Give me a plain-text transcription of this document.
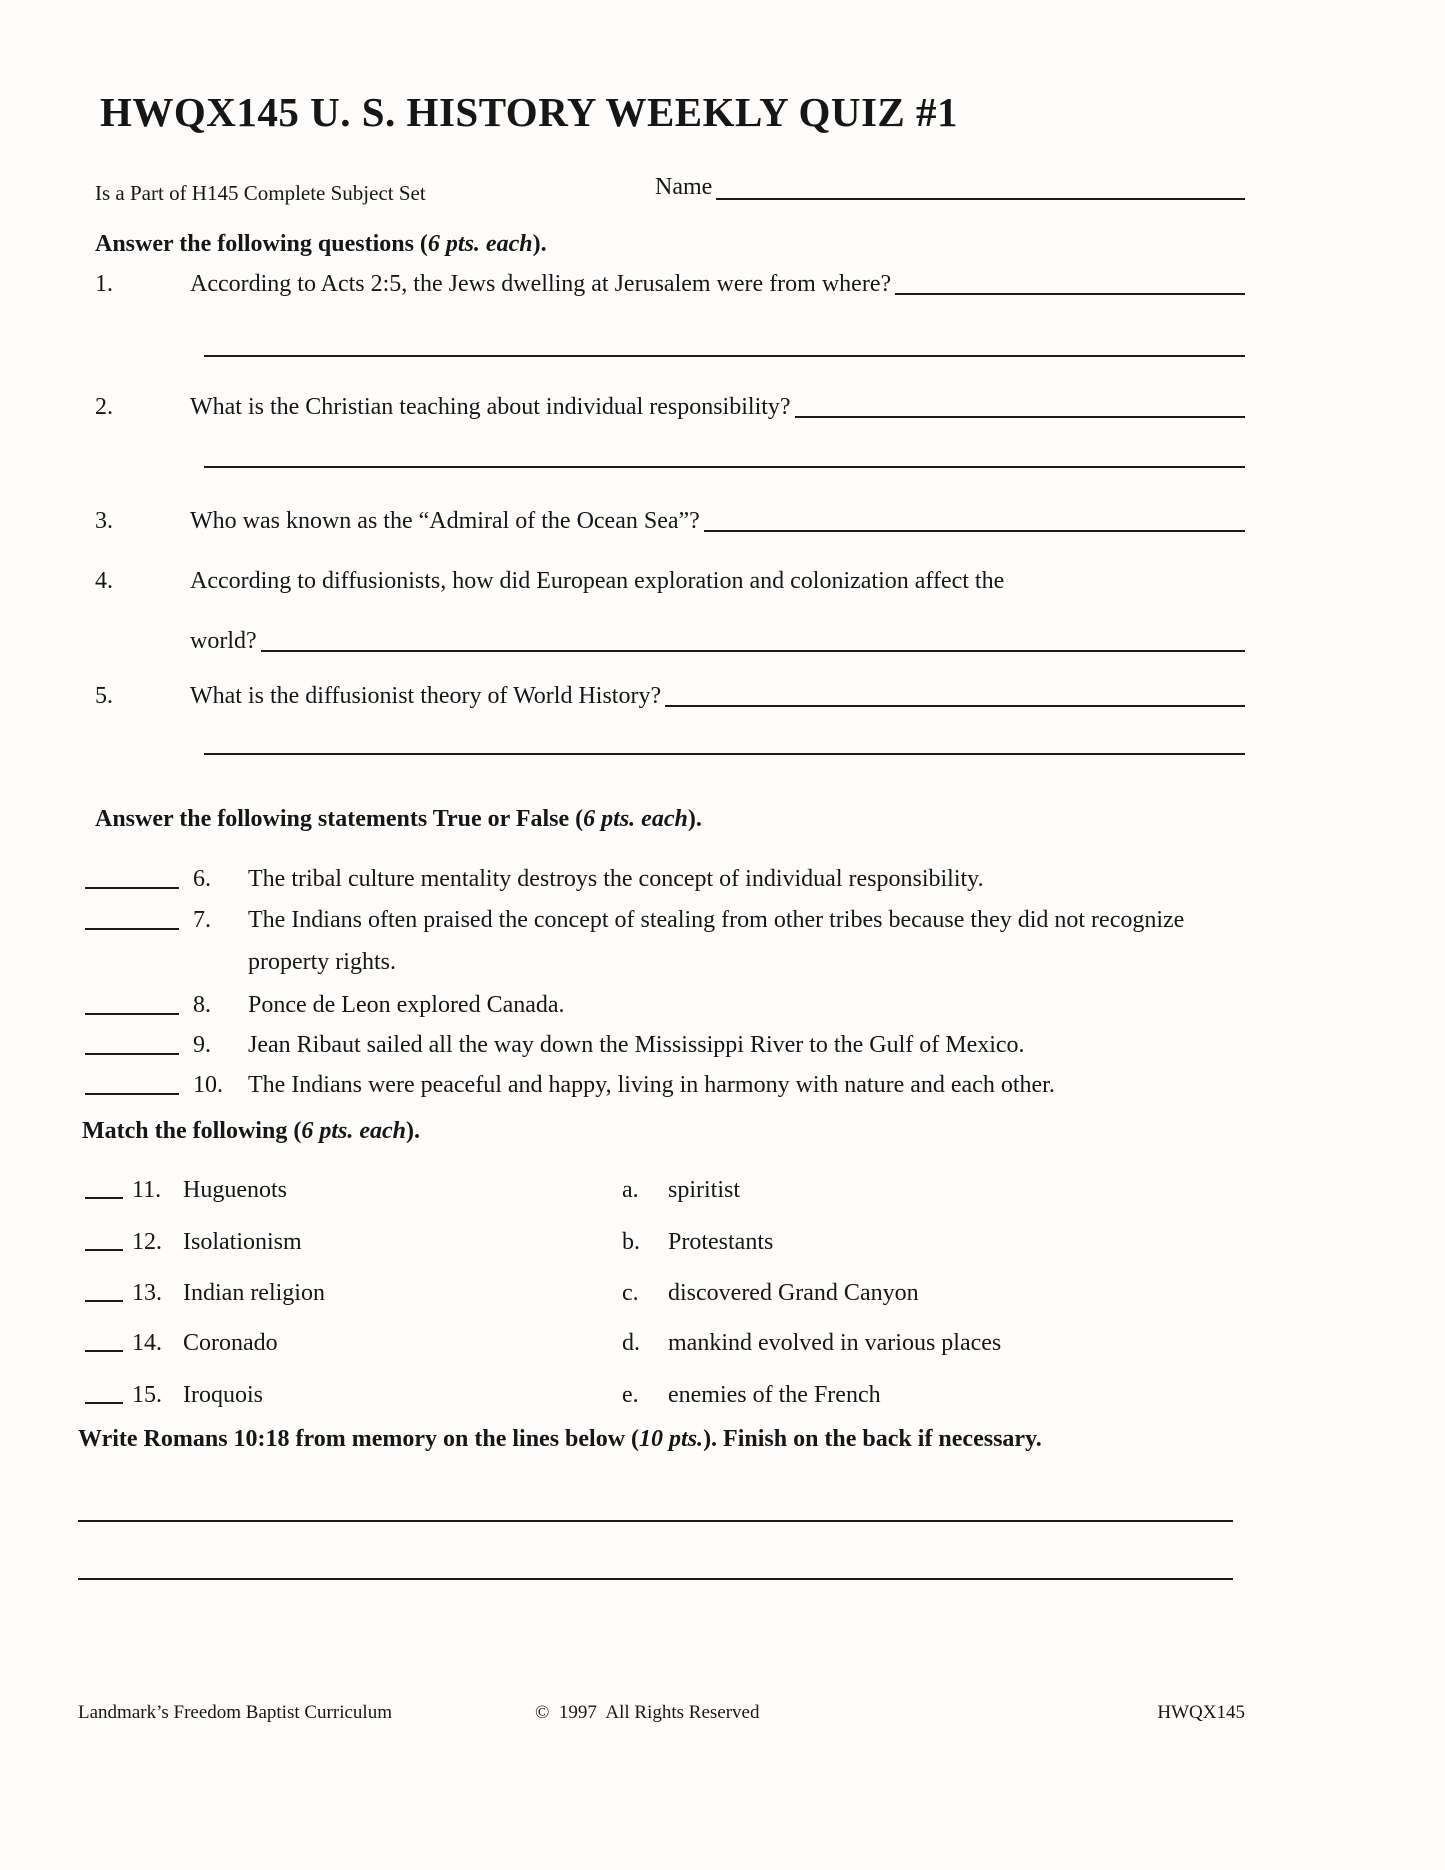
HWQX145 U. S. HISTORY WEEKLY QUIZ #1
Is a Part of H145 Complete Subject Set	Name
Answer the following questions (6 pts. each).
1.	According to Acts 2:5, the Jews dwelling at Jerusalem were from where?
2.	What is the Christian teaching about individual responsibility?
3.	Who was known as the “Admiral of the Ocean Sea”?
4.	According to diffusionists, how did European exploration and colonization affect the
world?
5.	What is the diffusionist theory of World History?
Answer the following statements True or False (6 pts. each).
6.	The tribal culture mentality destroys the concept of individual responsibility.
7.	The Indians often praised the concept of stealing from other tribes because they did not recognize property rights.
8.	Ponce de Leon explored Canada.
9.	Jean Ribaut sailed all the way down the Mississippi River to the Gulf of Mexico.
10.	The Indians were peaceful and happy, living in harmony with nature and each other.
Match the following (6 pts. each).
11. Huguenots	a.	spiritist
12. Isolationism	b.	Protestants
13. Indian religion	c.	discovered Grand Canyon
14. Coronado	d.	mankind evolved in various places
15. Iroquois	e.	enemies of the French
Write Romans 10:18 from memory on the lines below (10 pts.). Finish on the back if necessary.
Landmark’s Freedom Baptist Curriculum	©  1997  All Rights Reserved	HWQX145
